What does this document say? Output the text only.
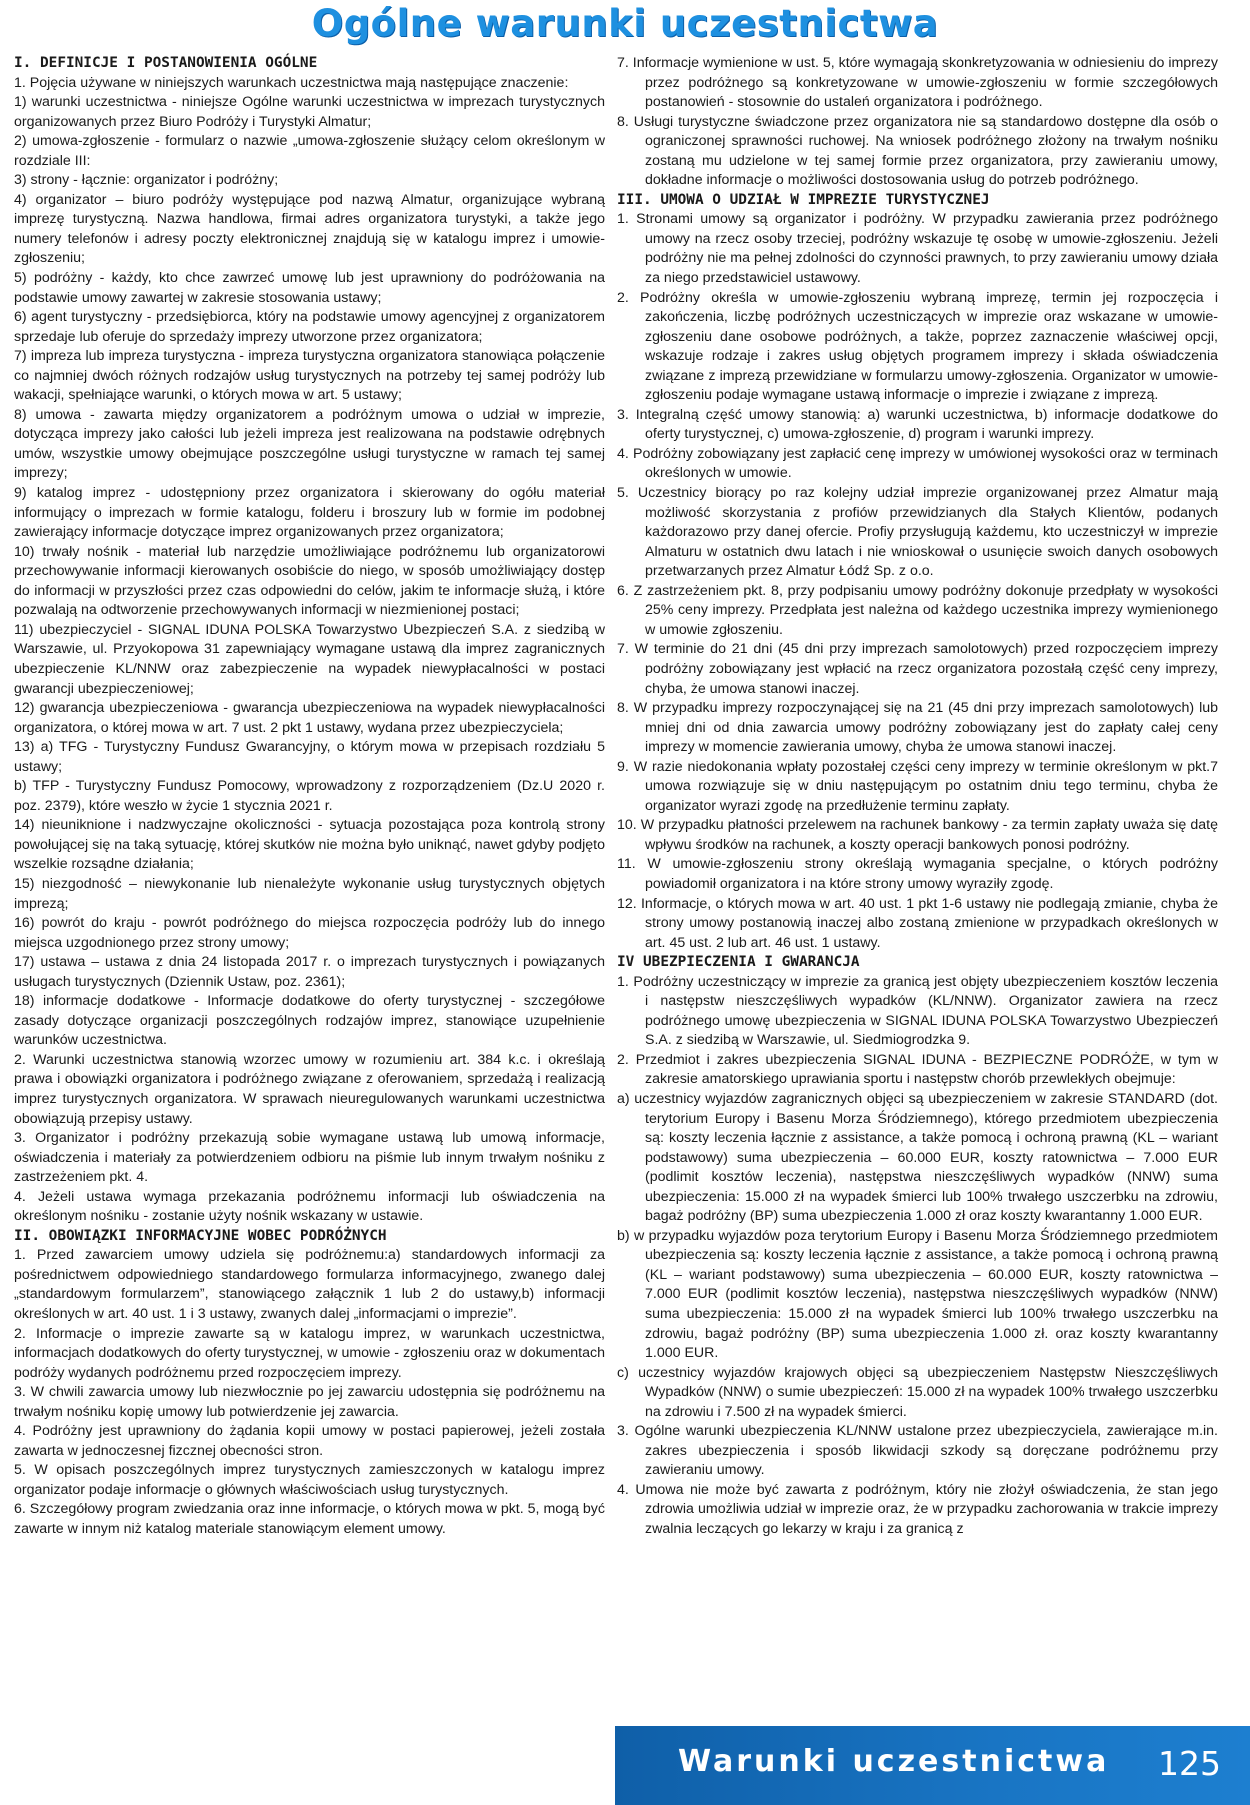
Ogólne warunki uczestnictwa

I. DEFINICJE I POSTANOWIENIA OGÓLNE

1. Pojęcia używane w niniejszych warunkach uczestnictwa mają następujące znaczenie:

1) warunki uczestnictwa - niniejsze Ogólne warunki uczestnictwa w imprezach turystycznych organizowanych przez Biuro Podróży i Turystyki Almatur;

2) umowa-zgłoszenie - formularz o nazwie „umowa-zgłoszenie służący celom określonym w rozdziale III:

3) strony - łącznie: organizator i podróżny;

4) organizator – biuro podróży występujące pod nazwą Almatur, organizujące wybraną imprezę turystyczną. Nazwa handlowa, firmai adres organizatora turystyki, a także jego numery telefonów i adresy poczty elektronicznej znajdują się w katalogu imprez i umowie-zgłoszeniu;

5) podróżny - każdy, kto chce zawrzeć umowę lub jest uprawniony do podróżowania na podstawie umowy zawartej w zakresie stosowania ustawy;

6) agent turystyczny - przedsiębiorca, który na podstawie umowy agencyjnej z organizatorem sprzedaje lub oferuje do sprzedaży imprezy utworzone przez organizatora;

7) impreza lub impreza turystyczna - impreza turystyczna organizatora stanowiąca połączenie co najmniej dwóch różnych rodzajów usług turystycznych na potrzeby tej samej podróży lub wakacji, spełniające warunki, o których mowa w art. 5 ustawy;

8) umowa - zawarta między organizatorem a podróżnym umowa o udział w imprezie, dotycząca imprezy jako całości lub jeżeli impreza jest realizowana na podstawie odrębnych umów, wszystkie umowy obejmujące poszczególne usługi turystyczne w ramach tej samej imprezy;

9) katalog imprez - udostępniony przez organizatora i skierowany do ogółu materiał informujący o imprezach w formie katalogu, folderu i broszury lub w formie im podobnej zawierający informacje dotyczące imprez organizowanych przez organizatora;

10) trwały nośnik - materiał lub narzędzie umożliwiające podróżnemu lub organizatorowi przechowywanie informacji kierowanych osobiście do niego, w sposób umożliwiający dostęp do informacji w przyszłości przez czas odpowiedni do celów, jakim te informacje służą, i które pozwalają na odtworzenie przechowywanych informacji w niezmienionej postaci;

11) ubezpieczyciel - SIGNAL IDUNA POLSKA Towarzystwo Ubezpieczeń S.A. z siedzibą w Warszawie, ul. Przyokopowa 31 zapewniający wymagane ustawą dla imprez zagranicznych ubezpieczenie KL/NNW oraz zabezpieczenie na wypadek niewypłacalności w postaci gwarancji ubezpieczeniowej;

12) gwarancja ubezpieczeniowa - gwarancja ubezpieczeniowa na wypadek niewypłacalności organizatora, o której mowa w art. 7 ust. 2 pkt 1 ustawy, wydana przez ubezpieczyciela;

13) a) TFG - Turystyczny Fundusz Gwarancyjny, o którym mowa w przepisach rozdziału 5 ustawy;

b) TFP - Turystyczny Fundusz Pomocowy, wprowadzony z rozporządzeniem (Dz.U 2020 r. poz. 2379), które weszło w życie 1 stycznia 2021 r.

14) nieuniknione i nadzwyczajne okoliczności - sytuacja pozostająca poza kontrolą strony powołującej się na taką sytuację, której skutków nie można było uniknąć, nawet gdyby podjęto wszelkie rozsądne działania;

15) niezgodność – niewykonanie lub nienależyte wykonanie usług turystycznych objętych imprezą;

16) powrót do kraju - powrót podróżnego do miejsca rozpoczęcia podróży lub do innego miejsca uzgodnionego przez strony umowy;

17) ustawa – ustawa z dnia 24 listopada 2017 r. o imprezach turystycznych i powiązanych usługach turystycznych (Dziennik Ustaw, poz. 2361);

18) informacje dodatkowe - Informacje dodatkowe do oferty turystycznej - szczegółowe zasady dotyczące organizacji poszczególnych rodzajów imprez, stanowiące uzupełnienie warunków uczestnictwa.

2. Warunki uczestnictwa stanowią wzorzec umowy w rozumieniu art. 384 k.c. i określają prawa i obowiązki organizatora i podróżnego związane z oferowaniem, sprzedażą i realizacją imprez turystycznych organizatora. W sprawach nieuregulowanych warunkami uczestnictwa obowiązują przepisy ustawy.

3. Organizator i podróżny przekazują sobie wymagane ustawą lub umową informacje, oświadczenia i materiały za potwierdzeniem odbioru na piśmie lub innym trwałym nośniku z zastrzeżeniem pkt. 4.

4. Jeżeli ustawa wymaga przekazania podróżnemu informacji lub oświadczenia na określonym nośniku - zostanie użyty nośnik wskazany w ustawie.

II. OBOWIĄZKI INFORMACYJNE WOBEC PODRÓŻNYCH

1. Przed zawarciem umowy udziela się podróżnemu:a) standardowych informacji za pośrednictwem odpowiedniego standardowego formularza informacyjnego, zwanego dalej „standardowym formularzem”, stanowiącego załącznik 1 lub 2 do ustawy,b) informacji określonych w art. 40 ust. 1 i 3 ustawy, zwanych dalej „informacjami o imprezie”.

2. Informacje o imprezie zawarte są w katalogu imprez, w warunkach uczestnictwa, informacjach dodatkowych do oferty turystycznej, w umowie - zgłoszeniu oraz w dokumentach podróży wydanych podróżnemu przed rozpoczęciem imprezy.

3. W chwili zawarcia umowy lub niezwłocznie po jej zawarciu udostępnia się podróżnemu na trwałym nośniku kopię umowy lub potwierdzenie jej zawarcia.

4. Podróżny jest uprawniony do żądania kopii umowy w postaci papierowej, jeżeli została zawarta w jednoczesnej fizcznej obecności stron.

5. W opisach poszczególnych imprez turystycznych zamieszczonych w katalogu imprez organizator podaje informacje o głównych właściwościach usług turystycznych.

6. Szczegółowy program zwiedzania oraz inne informacje, o których mowa w pkt. 5, mogą być zawarte w innym niż katalog materiale stanowiącym element umowy.

7. Informacje wymienione w ust. 5, które wymagają skonkretyzowania w odniesieniu do imprezy przez podróżnego są konkretyzowane w umowie-zgłoszeniu w formie szczegółowych postanowień - stosownie do ustaleń organizatora i podróżnego.

8. Usługi turystyczne świadczone przez organizatora nie są standardowo dostępne dla osób o ograniczonej sprawności ruchowej. Na wniosek podróżnego złożony na trwałym nośniku zostaną mu udzielone w tej samej formie przez organizatora, przy zawieraniu umowy, dokładne informacje o możliwości dostosowania usług do potrzeb podróżnego.

III. UMOWA O UDZIAŁ W IMPREZIE TURYSTYCZNEJ

1. Stronami umowy są organizator i podróżny. W przypadku zawierania przez podróżnego umowy na rzecz osoby trzeciej, podróżny wskazuje tę osobę w umowie-zgłoszeniu. Jeżeli podróżny nie ma pełnej zdolności do czynności prawnych, to przy zawieraniu umowy działa za niego przedstawiciel ustawowy.

2. Podróżny określa w umowie-zgłoszeniu wybraną imprezę, termin jej rozpoczęcia i zakończenia, liczbę podróżnych uczestniczących w imprezie oraz wskazane w umowie-zgłoszeniu dane osobowe podróżnych, a także, poprzez zaznaczenie właściwej opcji, wskazuje rodzaje i zakres usług objętych programem imprezy i składa oświadczenia związane z imprezą przewidziane w formularzu umowy-zgłoszenia. Organizator w umowie-zgłoszeniu podaje wymagane ustawą informacje o imprezie i związane z imprezą.

3. Integralną część umowy stanowią: a) warunki uczestnictwa, b) informacje dodatkowe do oferty turystycznej, c) umowa-zgłoszenie, d) program i warunki imprezy.

4. Podróżny zobowiązany jest zapłacić cenę imprezy w umówionej wysokości oraz w terminach określonych w umowie.

5. Uczestnicy biorący po raz kolejny udział imprezie organizowanej przez Almatur mają możliwość skorzystania z profiów przewidzianych dla Stałych Klientów, podanych każdorazowo przy danej ofercie. Profiy przysługują każdemu, kto uczestniczył w imprezie Almaturu w ostatnich dwu latach i nie wnioskował o usunięcie swoich danych osobowych przetwarzanych przez Almatur Łódź Sp. z o.o.

6. Z zastrzeżeniem pkt. 8, przy podpisaniu umowy podróżny dokonuje przedpłaty w wysokości 25% ceny imprezy. Przedpłata jest należna od każdego uczestnika imprezy wymienionego w umowie zgłoszeniu.

7. W terminie do 21 dni (45 dni przy imprezach samolotowych) przed rozpoczęciem imprezy podróżny zobowiązany jest wpłacić na rzecz organizatora pozostałą część ceny imprezy, chyba, że umowa stanowi inaczej.

8. W przypadku imprezy rozpoczynającej się na 21 (45 dni przy imprezach samolotowych) lub mniej dni od dnia zawarcia umowy podróżny zobowiązany jest do zapłaty całej ceny imprezy w momencie zawierania umowy, chyba że umowa stanowi inaczej.

9. W razie niedokonania wpłaty pozostałej części ceny imprezy w terminie określonym w pkt.7 umowa rozwiązuje się w dniu następującym po ostatnim dniu tego terminu, chyba że organizator wyrazi zgodę na przedłużenie terminu zapłaty.

10. W przypadku płatności przelewem na rachunek bankowy - za termin zapłaty uważa się datę wpływu środków na rachunek, a koszty operacji bankowych ponosi podróżny.

11. W umowie-zgłoszeniu strony określają wymagania specjalne, o których podróżny powiadomił organizatora i na które strony umowy wyraziły zgodę.

12. Informacje, o których mowa w art. 40 ust. 1 pkt 1-6 ustawy nie podlegają zmianie, chyba że strony umowy postanowią inaczej albo zostaną zmienione w przypadkach określonych w art. 45 ust. 2 lub art. 46 ust. 1 ustawy.

IV UBEZPIECZENIA I GWARANCJA

1. Podróżny uczestniczący w imprezie za granicą jest objęty ubezpieczeniem kosztów leczenia i następstw nieszczęśliwych wypadków (KL/NNW). Organizator zawiera na rzecz podróżnego umowę ubezpieczenia w SIGNAL IDUNA POLSKA Towarzystwo Ubezpieczeń S.A. z siedzibą w Warszawie, ul. Siedmiogrodzka 9.

2. Przedmiot i zakres ubezpieczenia SIGNAL IDUNA - BEZPIECZNE PODRÓŻE, w tym w zakresie amatorskiego uprawiania sportu i następstw chorób przewlekłych obejmuje:

a) uczestnicy wyjazdów zagranicznych objęci są ubezpieczeniem w zakresie STANDARD (dot. terytorium Europy i Basenu Morza Śródziemnego), którego przedmiotem ubezpieczenia są: koszty leczenia łącznie z assistance, a także pomocą i ochroną prawną (KL – wariant podstawowy) suma ubezpieczenia – 60.000 EUR, koszty ratownictwa – 7.000 EUR (podlimit kosztów leczenia), następstwa nieszczęśliwych wypadków (NNW) suma ubezpieczenia: 15.000 zł na wypadek śmierci lub 100% trwałego uszczerbku na zdrowiu, bagaż podróżny (BP) suma ubezpieczenia 1.000 zł oraz koszty kwarantanny 1.000 EUR.

b) w przypadku wyjazdów poza terytorium Europy i Basenu Morza Śródziemnego przedmiotem ubezpieczenia są: koszty leczenia łącznie z assistance, a także pomocą i ochroną prawną (KL – wariant podstawowy) suma ubezpieczenia – 60.000 EUR, koszty ratownictwa – 7.000 EUR (podlimit kosztów leczenia), następstwa nieszczęśliwych wypadków (NNW) suma ubezpieczenia: 15.000 zł na wypadek śmierci lub 100% trwałego uszczerbku na zdrowiu, bagaż podróżny (BP) suma ubezpieczenia 1.000 zł. oraz koszty kwarantanny 1.000 EUR.

c) uczestnicy wyjazdów krajowych objęci są ubezpieczeniem Następstw Nieszczęśliwych Wypadków (NNW) o sumie ubezpieczeń: 15.000 zł na wypadek 100% trwałego uszczerbku na zdrowiu i 7.500 zł na wypadek śmierci.

3. Ogólne warunki ubezpieczenia KL/NNW ustalone przez ubezpieczyciela, zawierające m.in. zakres ubezpieczenia i sposób likwidacji szkody są doręczane podróżnemu przy zawieraniu umowy.

4. Umowa nie może być zawarta z podróżnym, który nie złożył oświadczenia, że stan jego zdrowia umożliwia udział w imprezie oraz, że w przypadku zachorowania w trakcie imprezy zwalnia leczących go lekarzy w kraju i za granicą z

Warunki uczestnictwa 125
